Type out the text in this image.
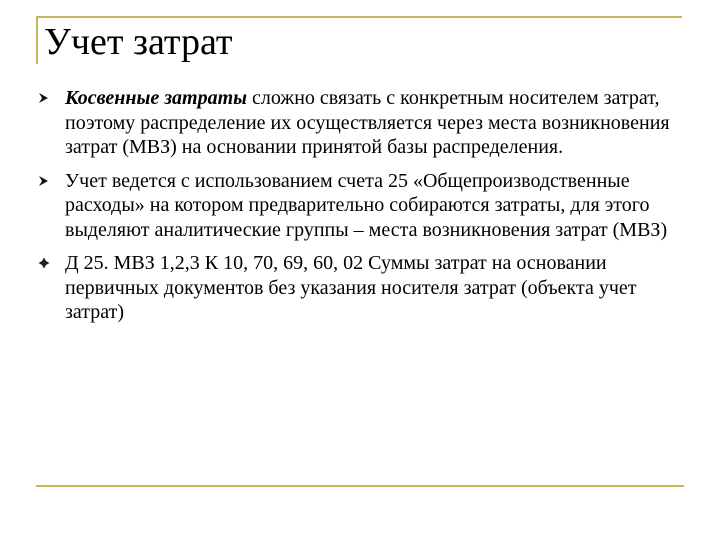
Учет затрат
Косвенные затраты сложно связать с конкретным носителем затрат, поэтому распределение их осуществляется через места возникновения затрат (МВЗ) на основании принятой базы распределения.
Учет ведется с использованием счета 25 «Общепроизводственные расходы» на котором предварительно собираются затраты, для этого выделяют аналитические группы – места возникновения затрат (МВЗ)
Д 25. МВЗ 1,2,3 К 10, 70, 69, 60, 02 Суммы затрат на основании первичных документов без указания носителя затрат (объекта учет затрат)
